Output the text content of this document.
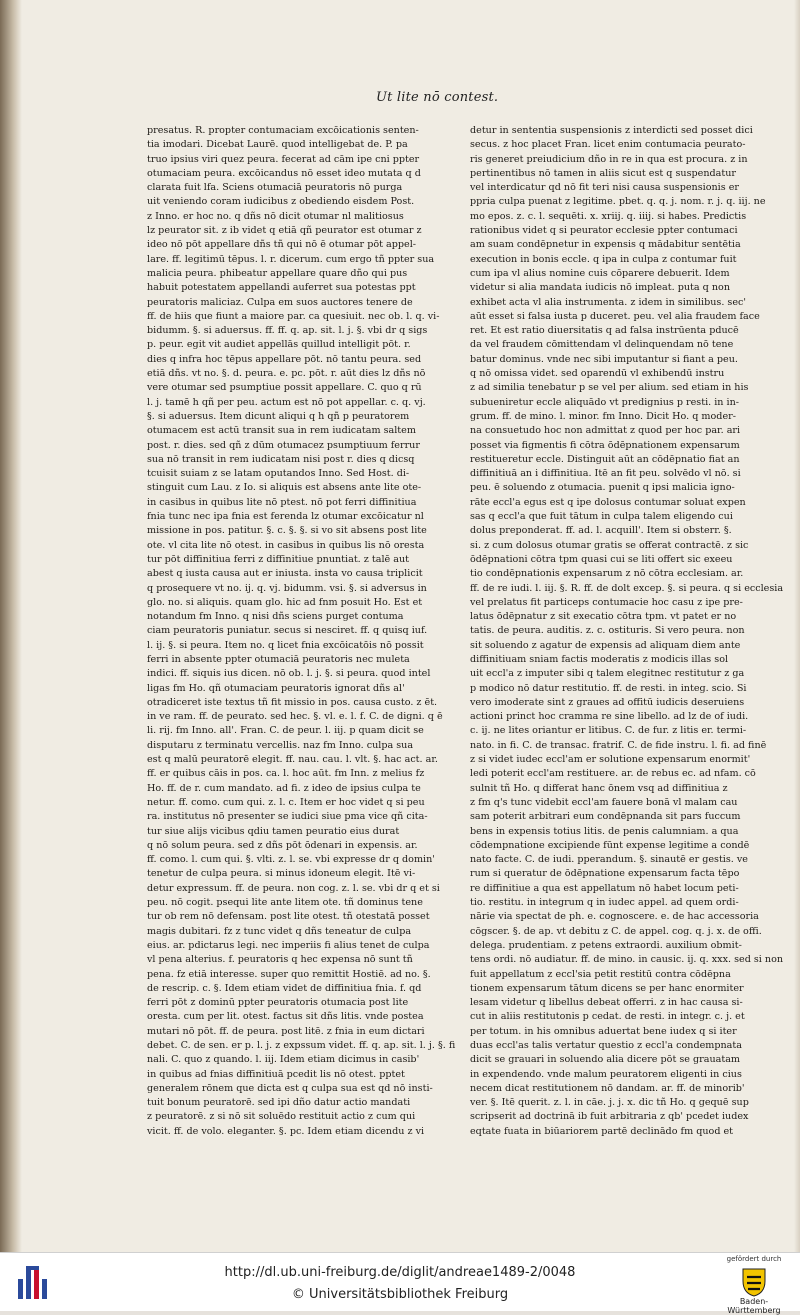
Ut lite nō contest.
presatus. R. propter contumaciam excōicationis senten-
tia imodari. Dicebat Laurē. quod intelligebat de. P. pa
truo ipsius viri quez peura. fecerat ad cām ipe cni ppter
otumaciam peura. excōicandus nō esset ideo mutata q d
clarata fuit lfa. Sciens otumaciā peuratoris nō purga
uit veniendo coram iudicibus z obediendo eisdem Post.
z Inno. er hoc no. q dñs nō dicit otumar nl malitiosus
lz peurator sit. z ib videt q etiā qñ peurator est otumar z
ideo nō pōt appellare dñs tñ qui nō ē otumar pōt appel-
lare. ff. legitimū tēpus. l. r. dicerum. cum ergo tñ ppter sua
malicia peura. phibeatur appellare quare dño qui pus
habuit potestatem appellandi auferret sua potestas ppt
peuratoris maliciaz. Culpa em suos auctores tenere de
ff. de hiis que fiunt a maiore par. ca quesiuit. nec ob. l. q. vi-
bidumm. §. si aduersus. ff. ff. q. ap. sit. l. j. §. vbi dr q sigs
p. peur. egit vit audiet appellās quillud intelligit pōt. r.
dies q infra hoc tēpus appellare pōt. nō tantu peura. sed
etiā dñs. vt no. §. d. peura. e. pc. pōt. r. aūt dies lz dñs nō
vere otumar sed psumptiue possit appellare. C. quo q rū
l. j. tamē h qñ per peu. actum est nō pot appellar. c. q. vj.
§. si aduersus. Item dicunt aliqui q h qñ p peuratorem
otumacem est actū transit sua in rem iudicatam saltem
post. r. dies. sed qñ z dūm otumacez psumptiuum ferrur
sua nō transit in rem iudicatam nisi post r. dies q dicsq
tcuisit suiam z se latam oputandos Inno. Sed Host. di-
stinguit cum Lau. z Io. si aliquis est absens ante lite ote-
in casibus in quibus lite nō ptest. nō pot ferri diffinitiua
fnia tunc nec ipa fnia est ferenda lz otumar excōicatur nl
missione in pos. patitur. §. c. §. §. si vo sit absens post lite
ote. vl cita lite nō otest. in casibus in quibus lis nō oresta
tur pōt diffinitiua ferri z diffinitiue pnuntiat. z talē aut
abest q iusta causa aut er iniusta. insta vo causa triplicit
q prosequere vt no. ij. q. vj. bidumm. vsi. §. si adversus in
glo. no. si aliquis. quam glo. hic ad fnm posuit Ho. Est et
notandum fm Inno. q nisi dñs sciens purget contuma
ciam peuratoris puniatur. secus si nesciret. ff. q quisq iuf.
l. ij. §. si peura. Item no. q licet fnia excōicatōis nō possit
ferri in absente ppter otumaciā peuratoris nec muleta
indici. ff. siquis ius dicen. nō ob. l. j. §. si peura. quod intel
ligas fm Ho. qñ otumaciam peuratoris ignorat dñs al'
otradiceret iste textus tñ fit missio in pos. causa custo. z ēt.
in ve ram. ff. de peurato. sed hec. §. vl. e. l. f. C. de digni. q ē
li. rij. fm Inno. all'. Fran. C. de peur. l. iij. p quam dicit se
disputaru z terminatu vercellis. naz fm Inno. culpa sua
est q malū peuratorē elegit. ff. nau. cau. l. vlt. §. hac act. ar.
ff. er quibus cāis in pos. ca. l. hoc aūt. fm Inn. z melius fz
Ho. ff. de r. cum mandato. ad fi. z ideo de ipsius culpa te
netur. ff. como. cum qui. z. l. c. Item er hoc videt q si peu
ra. institutus nō presenter se iudici siue pma vice qñ cita-
tur siue alijs vicibus qdiu tamen peuratio eius durat
q nō solum peura. sed z dñs pōt ōdenari in expensis. ar.
ff. como. l. cum qui. §. vlti. z. l. se. vbi expresse dr q domin'
tenetur de culpa peura. si minus idoneum elegit. Itē vi-
detur expressum. ff. de peura. non cog. z. l. se. vbi dr q et si
peu. nō cogit. psequi lite ante litem ote. tñ dominus tene
tur ob rem nō defensam. post lite otest. tñ otestatā posset
magis dubitari. fz z tunc videt q dñs teneatur de culpa
eius. ar. pdictarus legi. nec imperiis fi alius tenet de culpa
vl pena alterius. f. peuratoris q hec expensa nō sunt tñ
pena. fz etiā interesse. super quo remittit Hostiē. ad no. §.
de rescrip. c. §. Idem etiam videt de diffinitiua fnia. f. qd
ferri pōt z dominū ppter peuratoris otumacia post lite
oresta. cum per lit. otest. factus sit dñs litis. vnde postea
mutari nō pōt. ff. de peura. post litē. z fnia in eum dictari
debet. C. de sen. er p. l. j. z expssum videt. ff. q. ap. sit. l. j. §. fi
nali. C. quo z quando. l. iij. Idem etiam dicimus in casib'
in quibus ad fnias diffinitiuā pcedit lis nō otest. pptet
generalem rōnem que dicta est q culpa sua est qd nō insti-
tuit bonum peuratorē. sed ipi dño datur actio mandati
z peuratorē. z si nō sit soluēdo restituit actio z cum qui
vicit. ff. de volo. eleganter. §. pc. Idem etiam dicendu z vi
detur in sententia suspensionis z interdicti sed posset dici
secus. z hoc placet Fran. licet enim contumacia peurato-
ris generet preiudicium dño in re in qua est procura. z in
pertinentibus nō tamen in aliis sicut est q suspendatur
vel interdicatur qd nō fit teri nisi causa suspensionis er
ppria culpa puenat z legitime. pbet. q. q. j. nom. r. j. q. iij. ne
mo epos. z. c. l. sequēti. x. xriij. q. iiij. si habes. Predictis
rationibus videt q si peurator ecclesie ppter contumaci
am suam condēpnetur in expensis q mādabitur sentētia
execution in bonis eccle. q ipa in culpa z contumar fuit
cum ipa vl alius nomine cuis cōparere debuerit. Idem
videtur si alia mandata iudicis nō impleat. puta q non
exhibet acta vl alia instrumenta. z idem in similibus. sec'
aūt esset si falsa iusta p duceret. peu. vel alia fraudem face
ret. Et est ratio diuersitatis q ad falsa instrūenta pducē
da vel fraudem cōmittendam vl delinquendam nō tene
batur dominus. vnde nec sibi imputantur si fiant a peu.
q nō omissa videt. sed oparendū vl exhibendū instru
z ad similia tenebatur p se vel per alium. sed etiam in his
subueniretur eccle aliquādo vt predignius p resti. in in-
grum. ff. de mino. l. minor. fm Inno. Dicit Ho. q moder-
na consuetudo hoc non admittat z quod per hoc par. ari
posset via figmentis fi cōtra ōdēpnationem expensarum
restitueretur eccle. Distinguit aūt an cōdēpnatio fiat an
diffinitiuā an i diffinitiua. Itē an fit peu. solvēdo vl nō. si
peu. ē soluendo z otumacia. puenit q ipsi malicia igno-
rāte eccl'a egus est q ipe dolosus contumar soluat expen
sas q eccl'a que fuit tātum in culpa talem eligendo cui
dolus preponderat. ff. ad. l. acquill'. Item si obsterr. §.
si. z cum dolosus otumar gratis se offerat contractē. z sic
ōdēpnationi cōtra tpm quasi cui se liti offert sic exeeu
tio condēpnationis expensarum z nō cōtra ecclesiam. ar.
ff. de re iudi. l. iij. §. R. ff. de dolt excep. §. si peura. q si ecclesia
vel prelatus fit particeps contumacie hoc casu z ipe pre-
latus ōdēpnatur z sit execatio cōtra tpm. vt patet er no
tatis. de peura. auditis. z. c. ostituris. Si vero peura. non
sit soluendo z agatur de expensis ad aliquam diem ante
diffinitiuam sniam factis moderatis z modicis illas sol
uit eccl'a z imputer sibi q talem elegitnec restitutur z ga
p modico nō datur restitutio. ff. de resti. in integ. scio. Si
vero imoderate sint z graues ad offitū iudicis deseruiens
actioni princt hoc cramma re sine libello. ad lz de of iudi.
c. ij. ne lites oriantur er litibus. C. de fur. z litis er. termi-
nato. in fi. C. de transac. fratrif. C. de fide instru. l. fi. ad finē
z si videt iudec eccl'am er solutione expensarum enormit'
ledi poterit eccl'am restituere. ar. de rebus ec. ad nfam. cō
sulnit tñ Ho. q differat hanc ōnem vsq ad diffinitiua z
z fm q's tunc videbit eccl'am fauere bonā vl malam cau
sam poterit arbitrari eum condēpnanda sit pars fuccum
bens in expensis totius litis. de penis calumniam. a qua
cōdempnatione excipiende fūnt expense legitime a condē
nato facte. C. de iudi. pperandum. §. sinautē er gestis. ve
rum si queratur de ōdēpnatione expensarum facta tēpo
re diffinitiue a qua est appellatum nō habet locum peti-
tio. restitu. in integrum q in iudec appel. ad quem ordi-
nārie via spectat de ph. e. cognoscere. e. de hac accessoria
cōgscer. §. de ap. vt debitu z C. de appel. cog. q. j. x. de offi.
delega. prudentiam. z petens extraordi. auxilium obmit-
tens ordi. nō audiatur. ff. de mino. in causic. ij. q. xxx. sed si non
fuit appellatum z eccl'sia petit restitū contra cōdēpna
tionem expensarum tātum dicens se per hanc enormiter
lesam videtur q libellus debeat offerri. z in hac causa si-
cut in aliis restitutonis p cedat. de resti. in integr. c. j. et
per totum. in his omnibus aduertat bene iudex q si iter
duas eccl'as talis vertatur questio z eccl'a condempnata
dicit se grauari in soluendo alia dicere pōt se grauatam
in expendendo. vnde malum peuratorem eligenti in cius
necem dicat restitutionem nō dandam. ar. ff. de minorib'
ver. §. Itē querit. z. l. in cāe. j. j. x. dic tñ Ho. q gequē sup
scripserit ad doctrinā ib fuit arbitraria z qb' pcedet iudex
eqtate fuata in biūariorem partē declinādo fm quod et
http://dl.ub.uni-freiburg.de/diglit/andreae1489-2/0048
© Universitätsbibliothek Freiburg
gefördert durch
Baden-Württemberg
